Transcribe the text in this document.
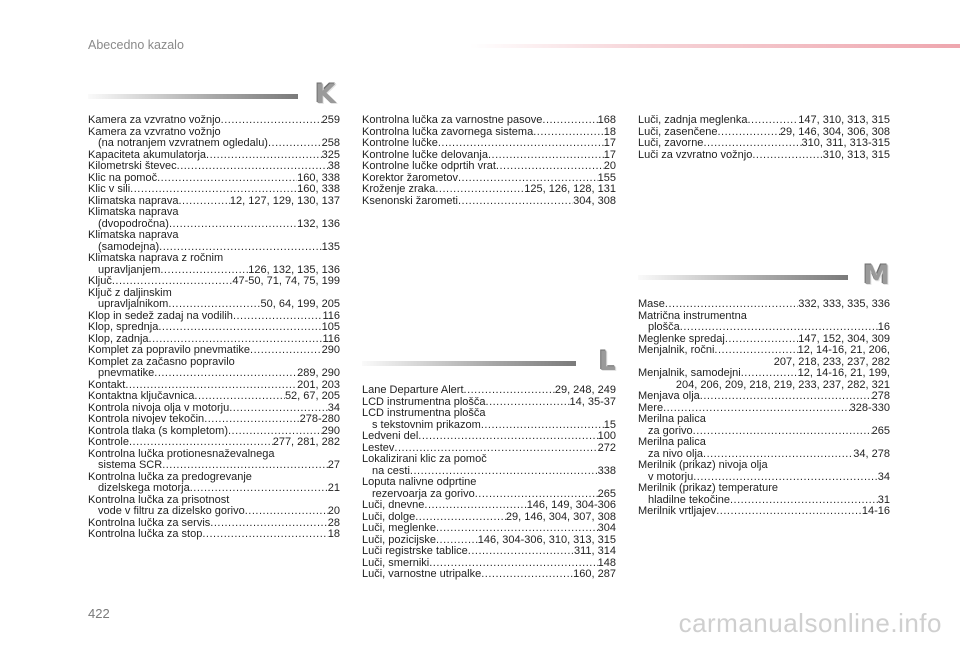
Abecedno kazalo
K
L
M
Kamera za vzvratno vožnjo .....	259
Kamera za vzvratno vožnjo
(na notranjem vzvratnem ogledalu) .....	258
Kapaciteta akumulatorja .....	325
Kilometrski števec .....	38
Klic na pomoč .....	160, 338
Klic v sili .....	160, 338
Klimatska naprava .....	12, 127, 129, 130, 137
Klimatska naprava
(dvopodročna) .....	132, 136
Klimatska naprava
(samodejna) .....	135
Klimatska naprava z ročnim
upravljanjem .....	126, 132, 135, 136
Ključ .....	47-50, 71, 74, 75, 199
Ključ z daljinskim
upravljalnikom .....	50, 64, 199, 205
Klop in sedež zadaj na vodilih .....	116
Klop, sprednja .....	105
Klop, zadnja .....	116
Komplet za popravilo pnevmatike .....	290
Komplet za začasno popravilo
pnevmatike .....	289, 290
Kontakt .....	201, 203
Kontaktna ključavnica .....	52, 67, 205
Kontrola nivoja olja v motorju .....	34
Kontrola nivojev tekočin .....	278-280
Kontrola tlaka (s kompletom) .....	290
Kontrole .....	277, 281, 282
Kontrolna lučka protionesnaževalnega
sistema SCR .....	27
Kontrolna lučka za predogrevanje
dizelskega motorja .....	21
Kontrolna lučka za prisotnost
vode v filtru za dizelsko gorivo .....	20
Kontrolna lučka za servis .....	28
Kontrolna lučka za stop .....	18
Kontrolna lučka za varnostne pasove .....	168
Kontrolna lučka zavornega sistema .....	18
Kontrolne lučke .....	17
Kontrolne lučke delovanja .....	17
Kontrolne lučke odprtih vrat .....	20
Korektor žarometov .....	155
Kroženje zraka .....	125, 126, 128, 131
Ksenonski žarometi .....	304, 308
Lane Departure Alert .....	29, 248, 249
LCD instrumentna plošča .....	14, 35-37
LCD instrumentna plošča
s tekstovnim prikazom .....	15
Ledveni del .....	100
Lestev .....	272
Lokalizirani klic za pomoč
na cesti .....	338
Loputa nalivne odprtine
rezervoarja za gorivo .....	265
Luči, dnevne .....	146, 149, 304-306
Luči, dolge .....	29, 146, 304, 307, 308
Luči, meglenke .....	304
Luči, pozicijske .....	146, 304-306, 310, 313, 315
Luči registrske tablice .....	311, 314
Luči, smerniki .....	148
Luči, varnostne utripalke .....	160, 287
Luči, zadnja meglenka .....	147, 310, 313, 315
Luči, zasenčene .....	29, 146, 304, 306, 308
Luči, zavorne .....	310, 311, 313-315
Luči za vzvratno vožnjo .....	310, 313, 315
Mase .....	332, 333, 335, 336
Matrična instrumentna
plošča .....	16
Meglenke spredaj .....	147, 152, 304, 309
Menjalnik, ročni .....	12, 14-16, 21, 206,
207, 218, 233, 237, 282
Menjalnik, samodejni .....	12, 14-16, 21, 199,
204, 206, 209, 218, 219, 233, 237, 282, 321
Menjava olja .....	278
Mere .....	328-330
Merilna palica
za gorivo .....	265
Merilna palica
za nivo olja .....	34, 278
Merilnik (prikaz) nivoja olja
v motorju .....	34
Merilnik (prikaz) temperature
hladilne tekočine .....	31
Merilnik vrtljajev .....	14-16
422	carmanualsonline.info
